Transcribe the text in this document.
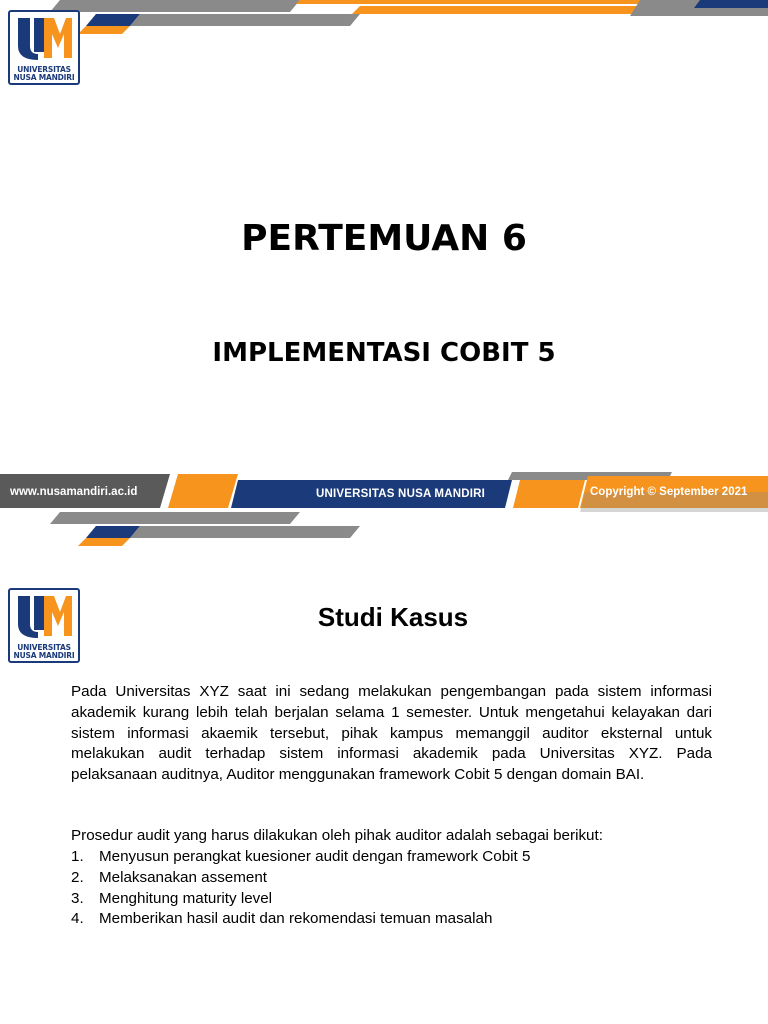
UNIVERSITAS
NUSA MANDIRI
PERTEMUAN 6
IMPLEMENTASI COBIT 5
www.nusamandiri.ac.id	UNIVERSITAS NUSA MANDIRI	Copyright © September 2021
UNIVERSITAS
NUSA MANDIRI
Studi Kasus

Pada Universitas XYZ saat ini sedang melakukan pengembangan pada sistem informasi akademik kurang lebih telah berjalan selama 1 semester. Untuk mengetahui kelayakan dari sistem informasi akaemik tersebut, pihak kampus memanggil auditor eksternal untuk melakukan audit terhadap sistem informasi akademik pada Universitas XYZ. Pada pelaksanaan auditnya, Auditor menggunakan framework Cobit 5 dengan domain BAI.

Prosedur audit yang harus dilakukan oleh pihak auditor adalah sebagai berikut:

1.	Menyusun perangkat kuesioner audit dengan framework Cobit 5
2.	Melaksanakan assement
3.	Menghitung maturity level
4.	Memberikan hasil audit dan rekomendasi temuan masalah
